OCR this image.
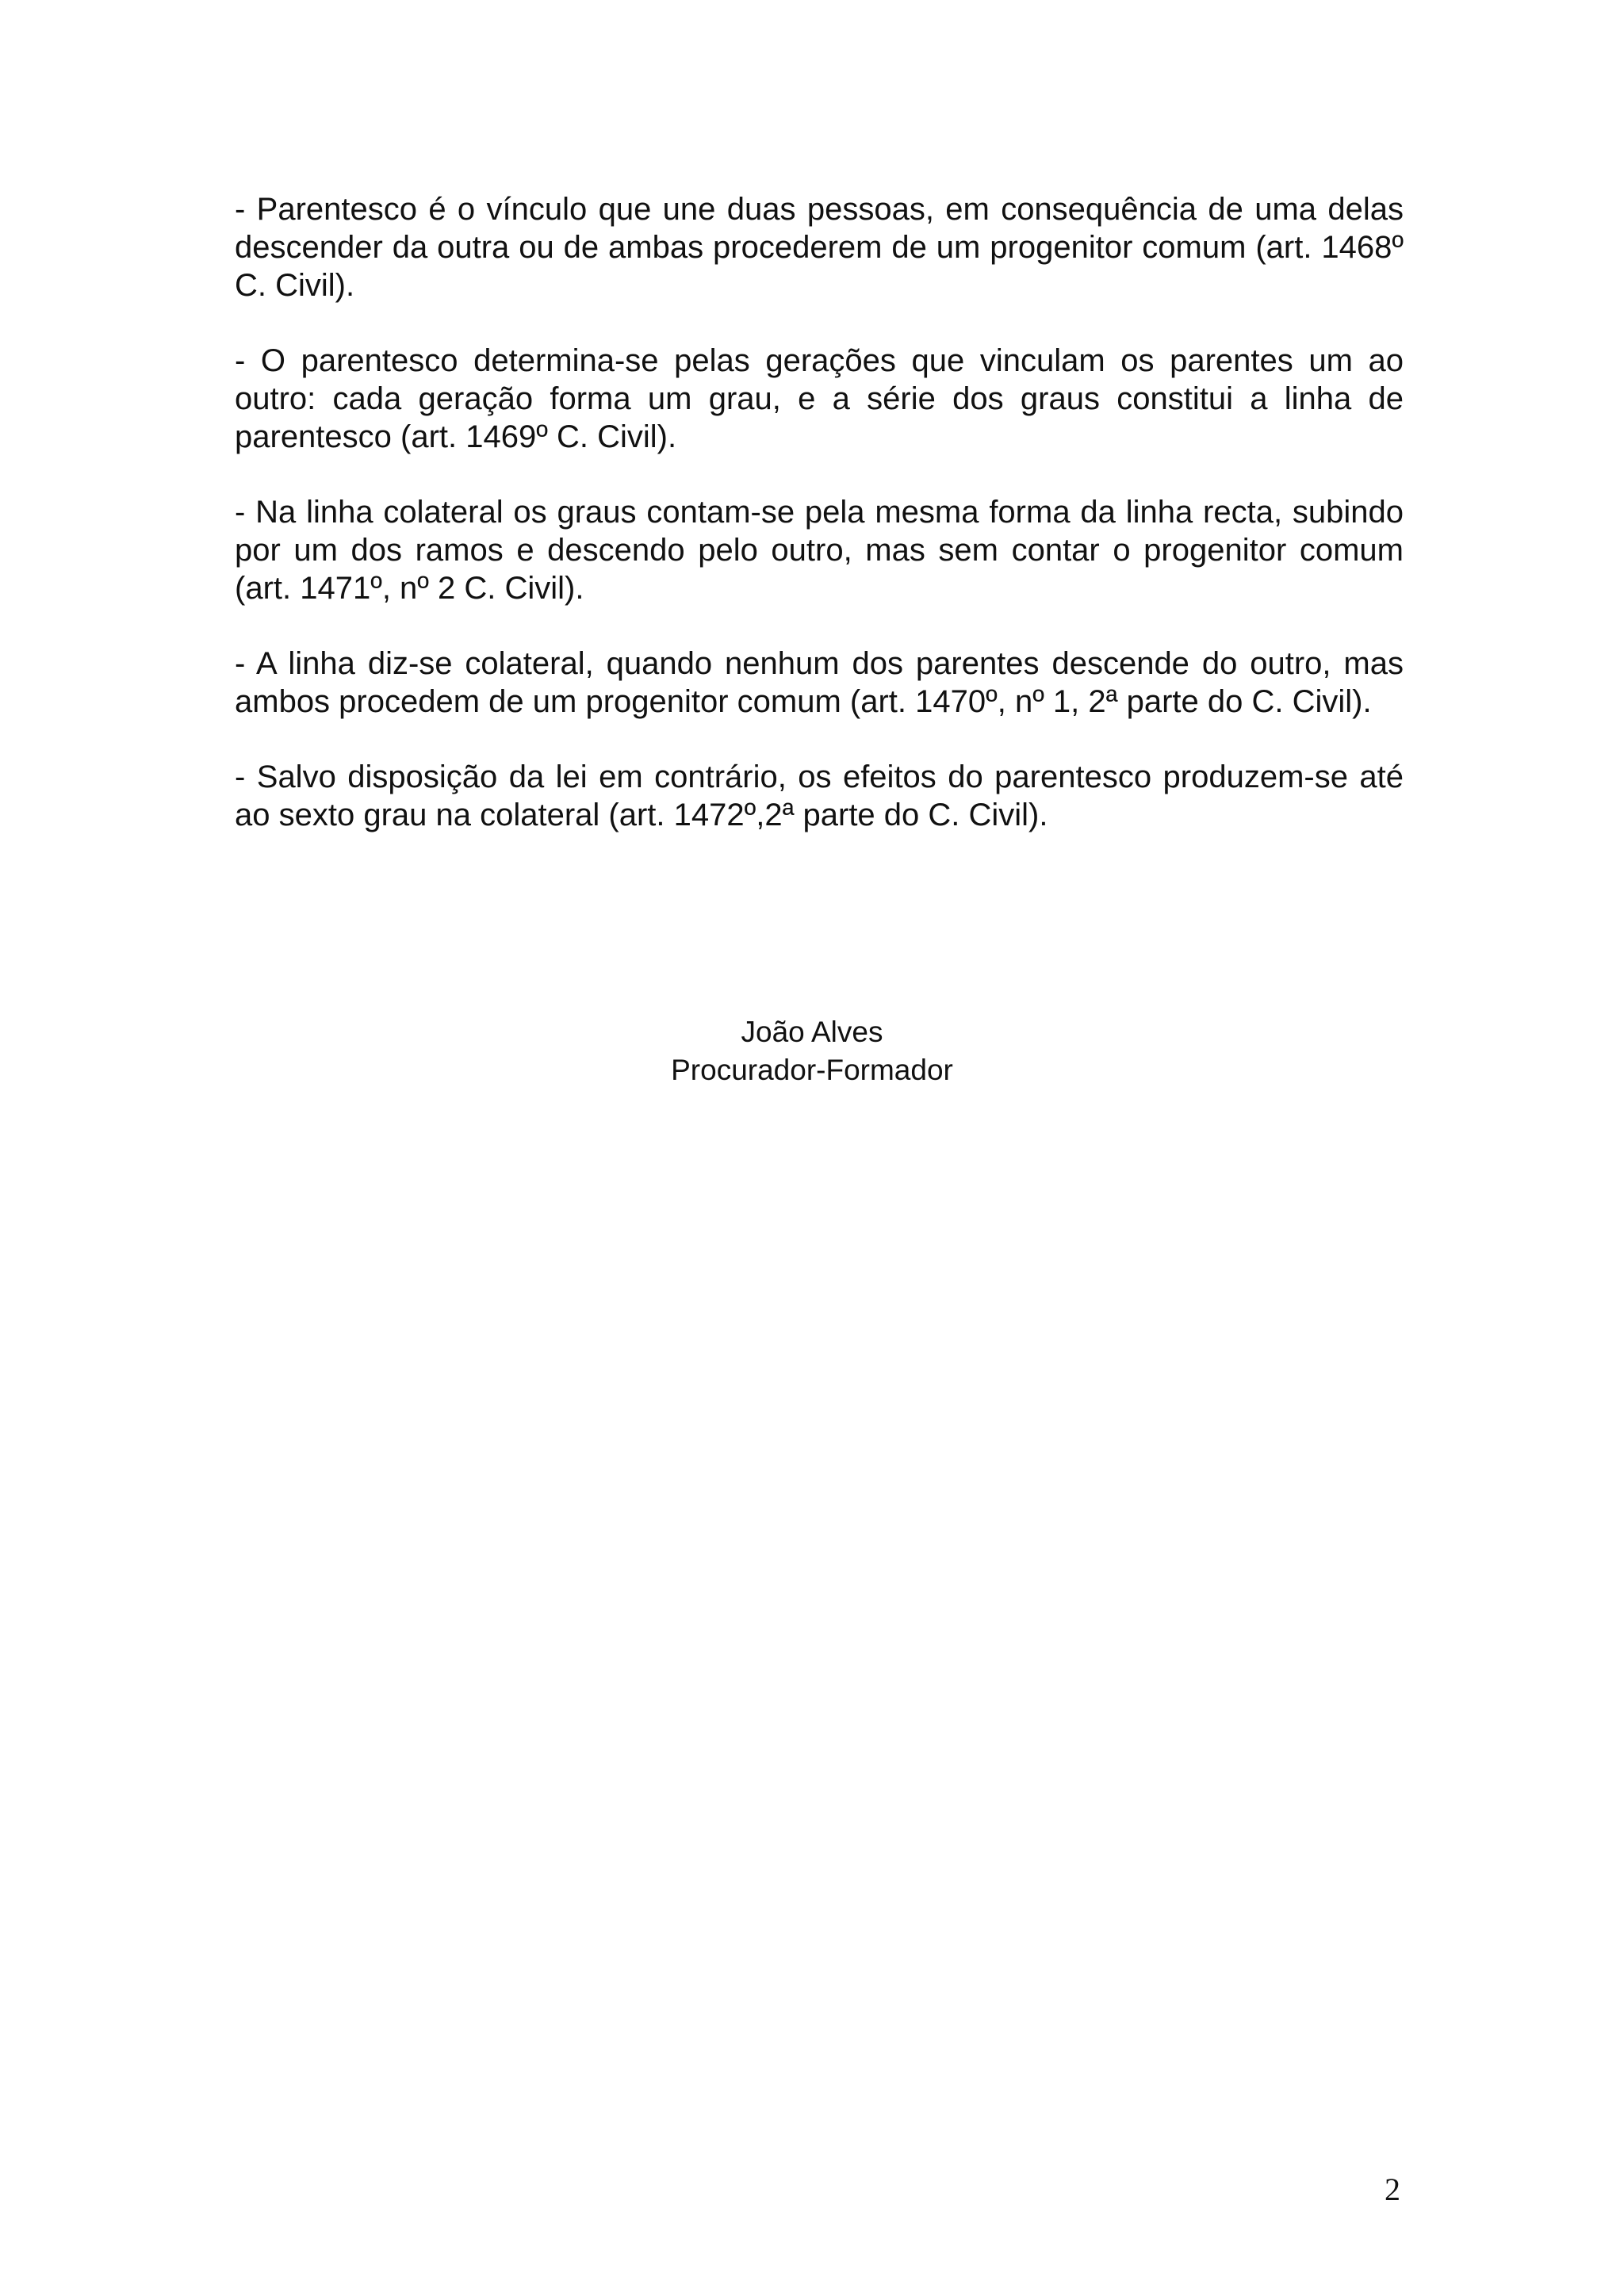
- Parentesco é o vínculo que une duas pessoas, em consequência de uma delas descender da outra ou de ambas procederem de um progenitor comum (art. 1468º C. Civil).

- O parentesco determina-se pelas gerações que vinculam os parentes um ao outro: cada geração forma um grau, e a série dos graus constitui a linha de parentesco (art. 1469º C. Civil).

- Na linha colateral os graus contam-se pela mesma forma da linha recta, subindo por um dos ramos e descendo pelo outro, mas sem contar o progenitor comum (art. 1471º, nº 2 C. Civil).

- A linha diz-se colateral, quando nenhum dos parentes descende do outro, mas ambos procedem de um progenitor comum (art. 1470º, nº 1, 2ª parte do C. Civil).

- Salvo disposição da lei em contrário, os efeitos do parentesco produzem-se até ao sexto grau na colateral (art. 1472º,2ª parte do C. Civil).

João Alves
Procurador-Formador
2
